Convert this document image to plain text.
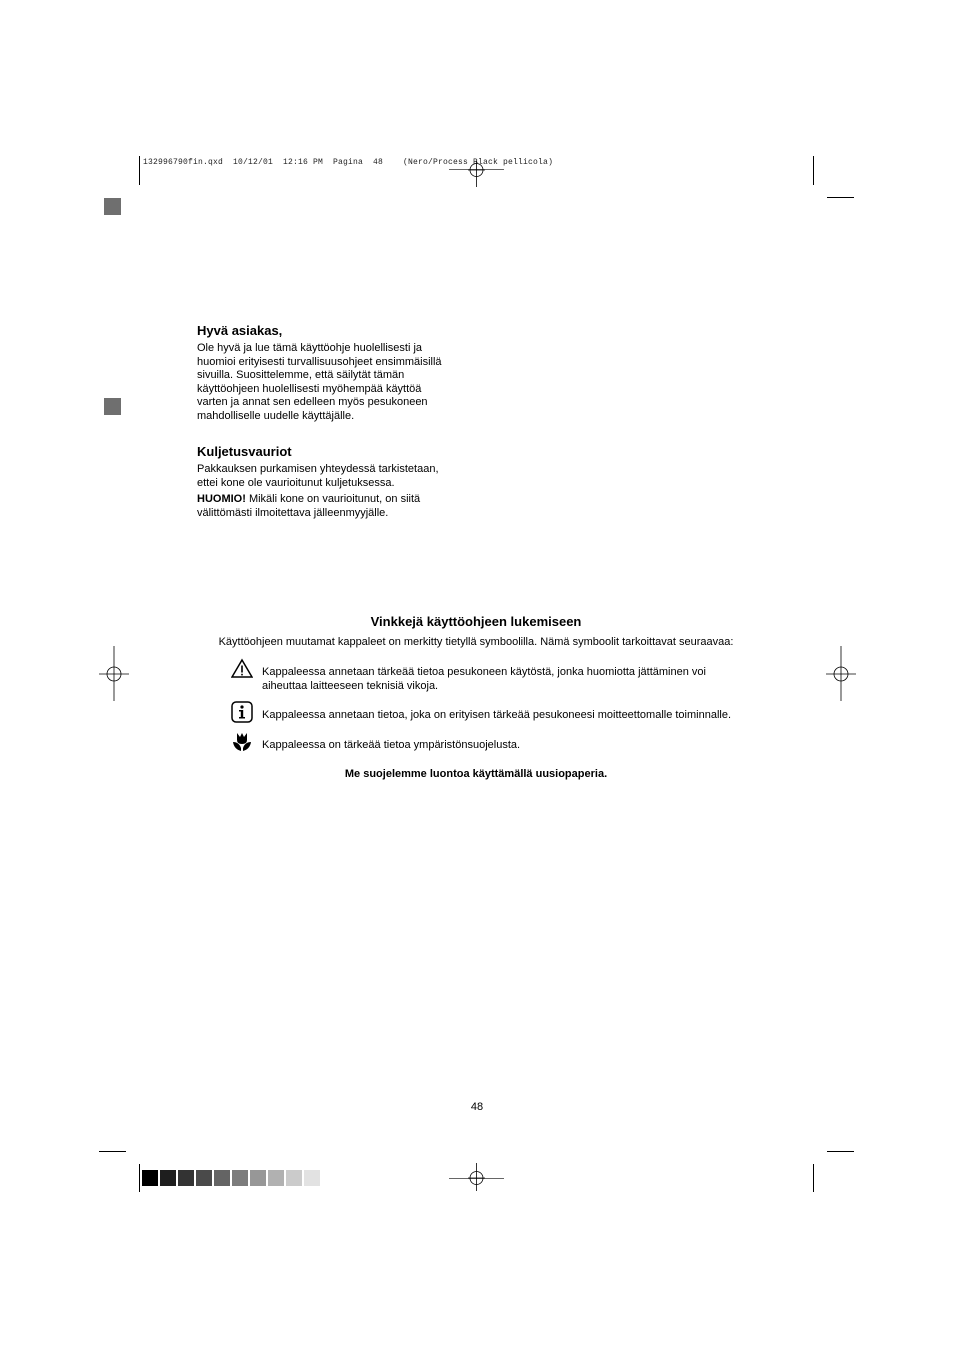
132996790fin.qxd  10/12/01  12:16 PM  Pagina  48    (Nero/Process Black pellicola)
Hyvä asiakas,

Ole hyvä ja lue tämä käyttöohje huolellisesti ja

huomioi erityisesti turvallisuusohjeet ensimmäisillä

sivuilla. Suosittelemme, että säilytät tämän

käyttöohjeen huolellisesti myöhempää käyttöä

varten ja annat sen edelleen myös pesukoneen

mahdolliselle uudelle käyttäjälle.

Kuljetusvauriot

Pakkauksen purkamisen yhteydessä tarkistetaan,

ettei kone ole vaurioitunut kuljetuksessa.

HUOMIO! Mikäli kone on vaurioitunut, on siitä

välittömästi ilmoitettava jälleenmyyjälle.

Vinkkejä käyttöohjeen lukemiseen

Käyttöohjeen muutamat kappaleet on merkitty tietyllä symboolilla. Nämä symboolit tarkoittavat seuraavaa:

Kappaleessa annetaan tärkeää tietoa pesukoneen käytöstä, jonka huomiotta jättäminen voi
aiheuttaa laitteeseen teknisiä vikoja.
Kappaleessa annetaan tietoa, joka on erityisen tärkeää pesukoneesi moitteettomalle toiminnalle.
Kappaleessa on tärkeää tietoa ympäristönsuojelusta.

Me suojelemme luontoa käyttämällä uusiopaperia.

48
